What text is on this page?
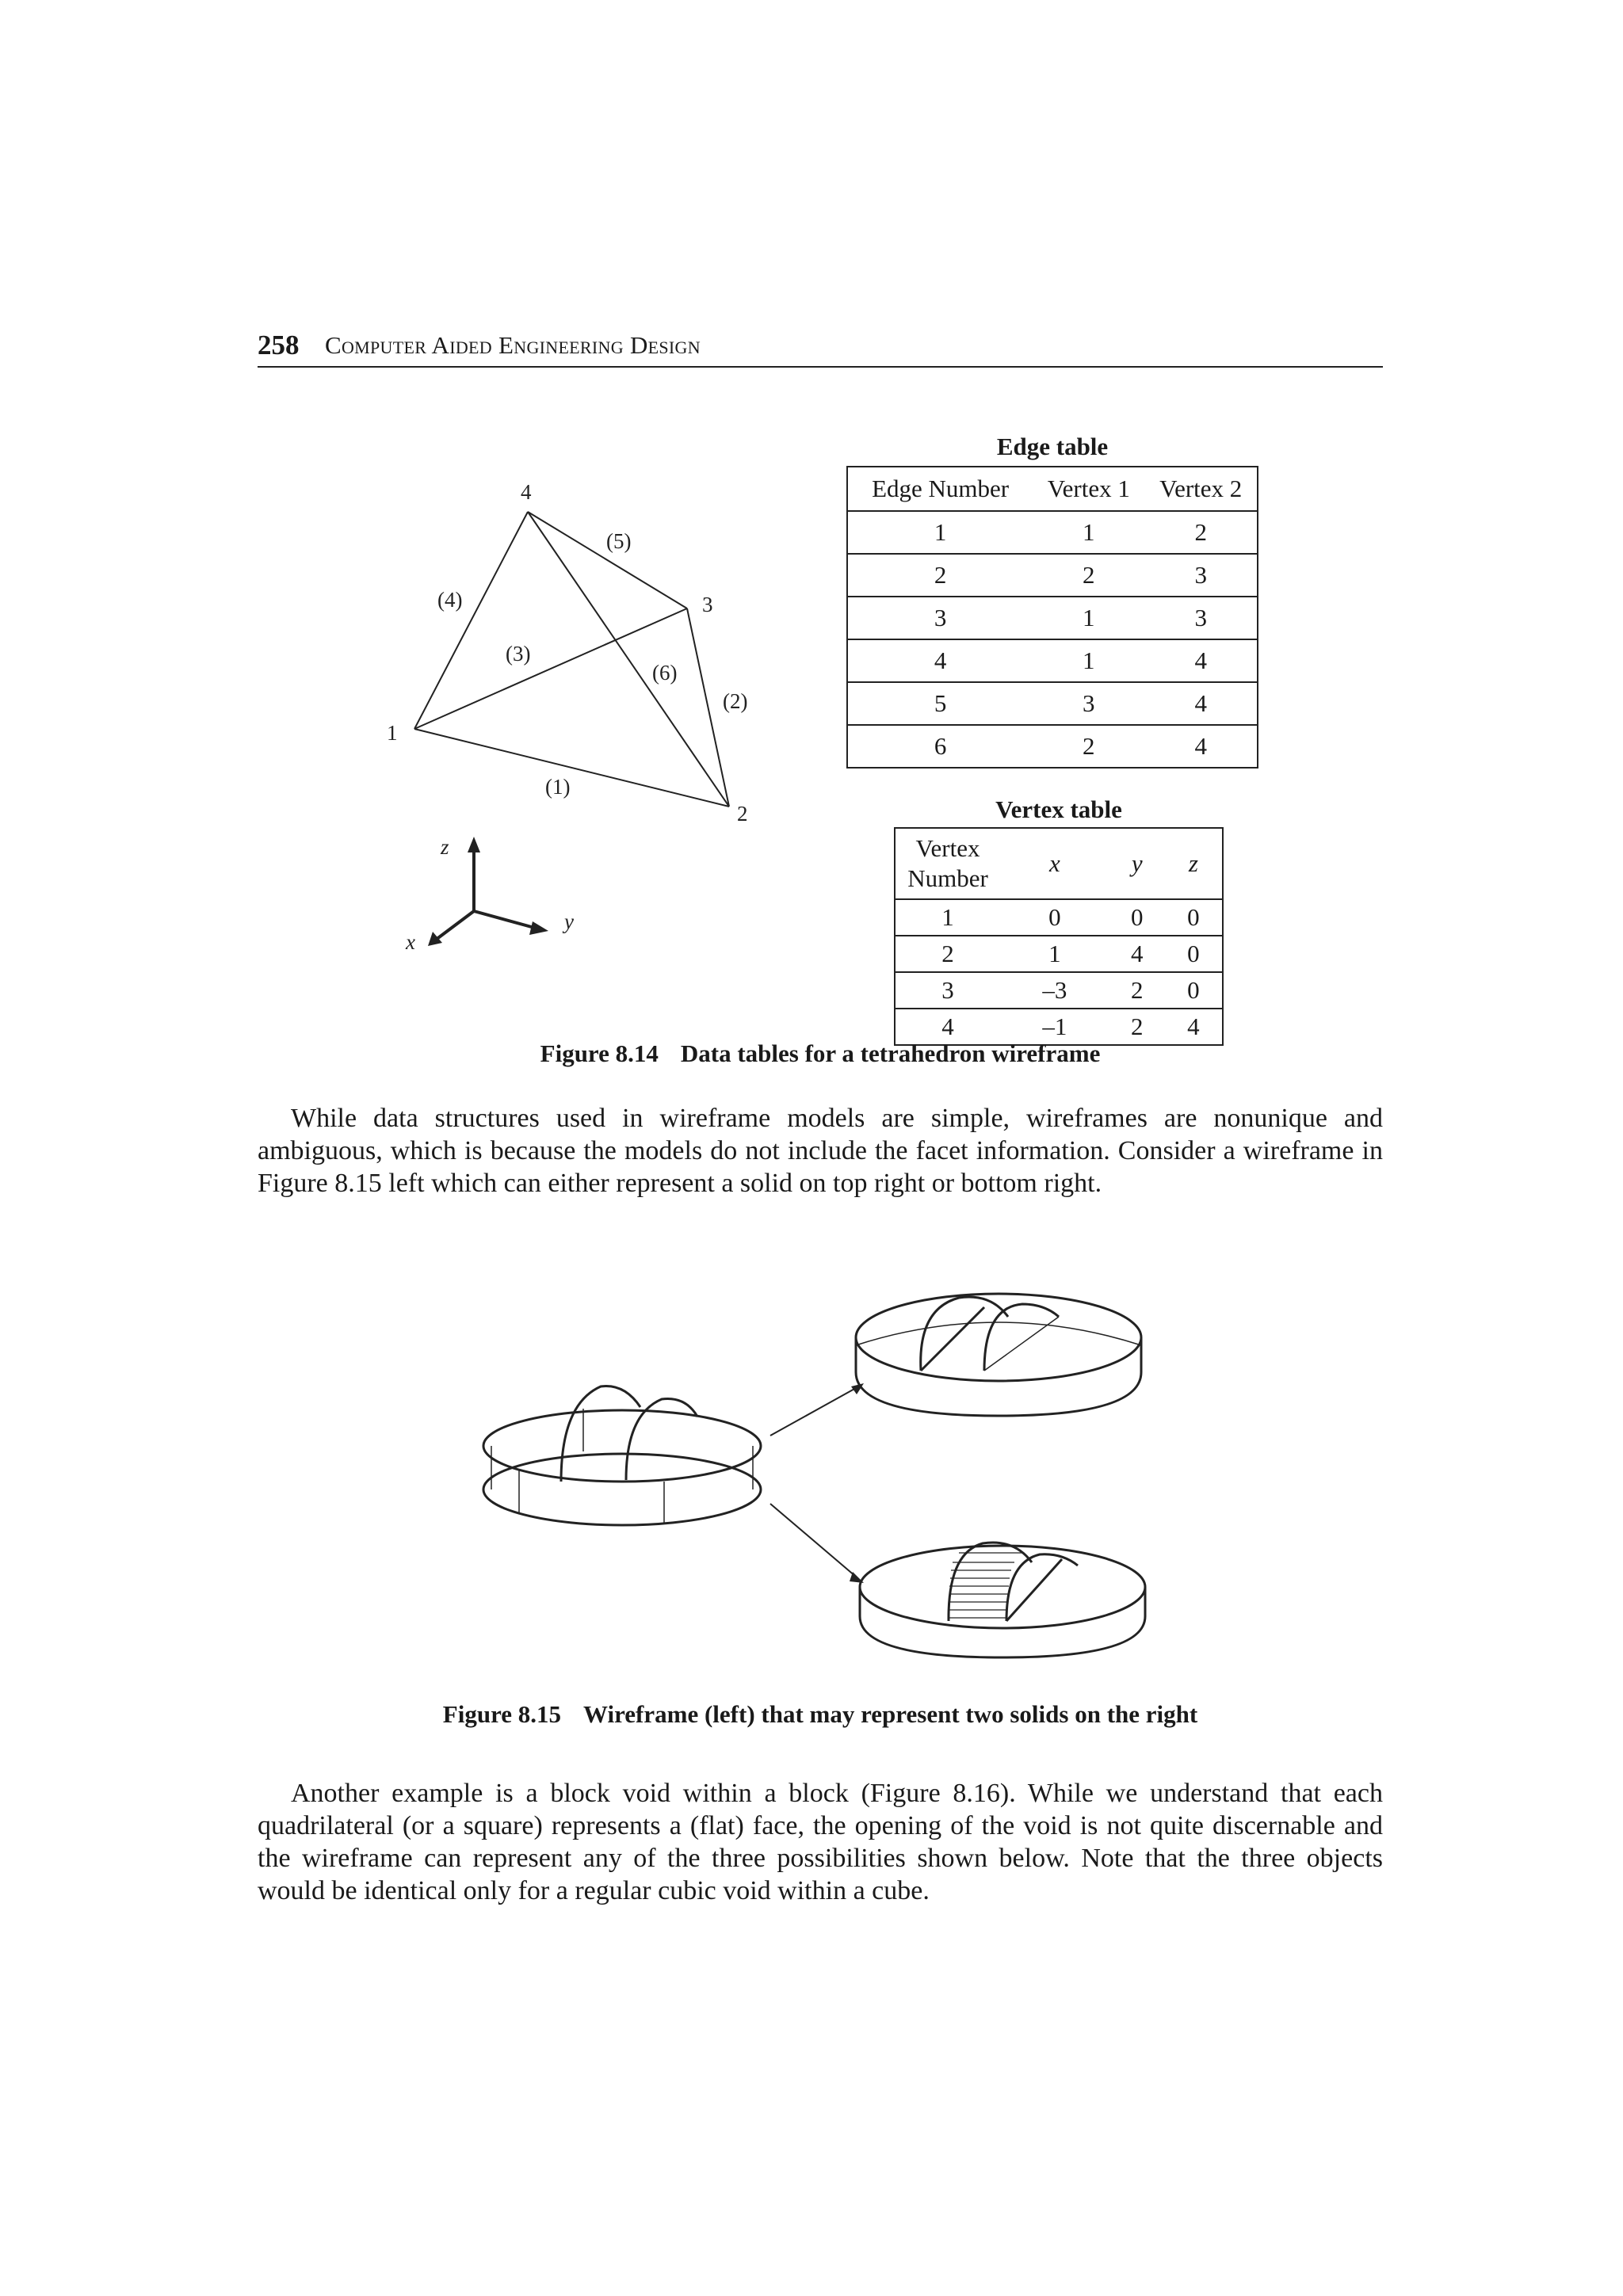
258 Computer Aided Engineering Design
1
2
3
4
(1)
(2)
(3)
(4)
(5)
(6)
z
y
x
Edge table
Edge Number	Vertex 1	Vertex 2
1	1	2
2	2	3
3	1	3
4	1	4
5	3	4
6	2	4
Vertex table
Vertex
Number	x	y	z
1	0	0	0
2	1	4	0
3	–3	2	0
4	–1	2	4
Figure 8.14 Data tables for a tetrahedron wireframe

While data structures used in wireframe models are simple, wireframes are nonunique and ambiguous, which is because the models do not include the facet information. Consider a wireframe in Figure 8.15 left which can either represent a solid on top right or bottom right.

Figure 8.15 Wireframe (left) that may represent two solids on the right

Another example is a block void within a block (Figure 8.16). While we understand that each quadrilateral (or a square) represents a (flat) face, the opening of the void is not quite discernable and the wireframe can represent any of the three possibilities shown below. Note that the three objects would be identical only for a regular cubic void within a cube.
